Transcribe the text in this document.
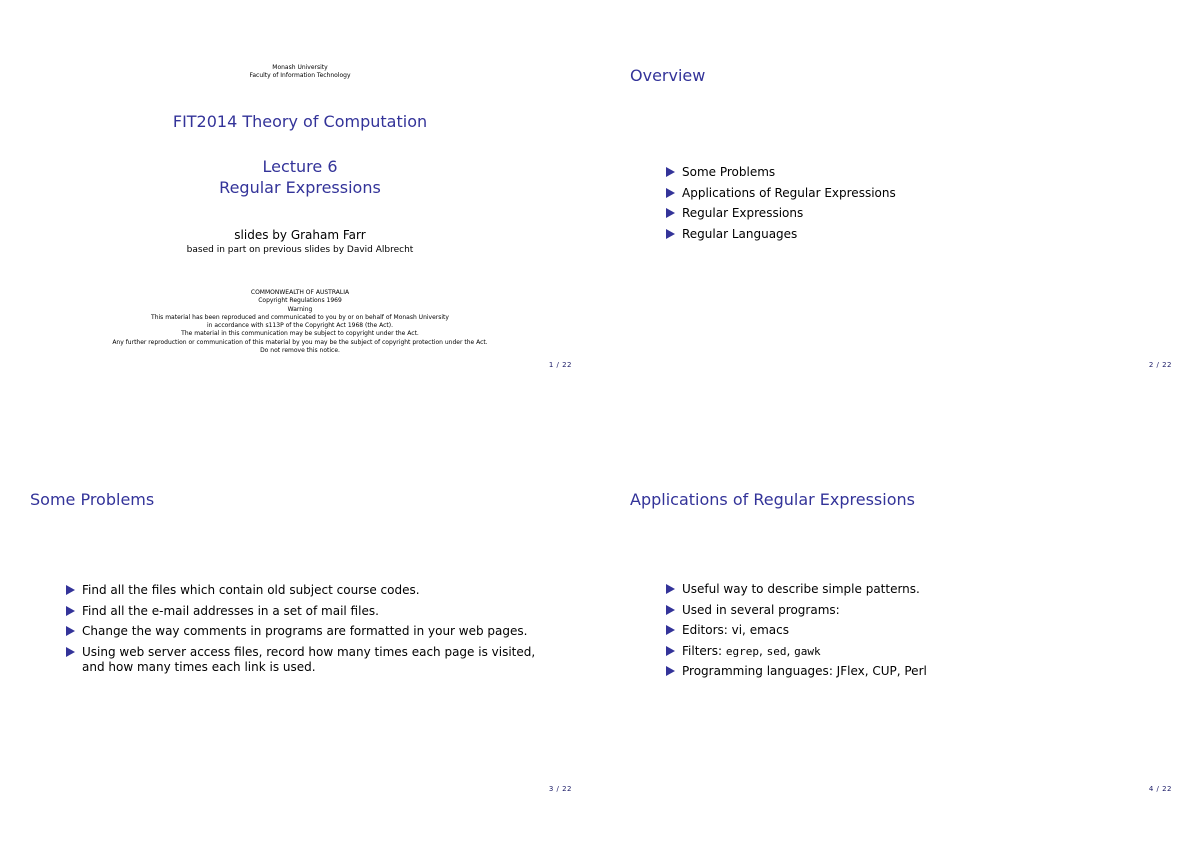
Monash University
Faculty of Information Technology
FIT2014 Theory of Computation
Lecture 6
Regular Expressions
slides by Graham Farr
based in part on previous slides by David Albrecht
COMMONWEALTH OF AUSTRALIA
Copyright Regulations 1969
Warning
This material has been reproduced and communicated to you by or on behalf of Monash University
in accordance with s113P of the Copyright Act 1968 (the Act).
The material in this communication may be subject to copyright under the Act.
Any further reproduction or communication of this material by you may be the subject of copyright protection under the Act.
Do not remove this notice.
1 / 22
Overview
Some Problems
Applications of Regular Expressions
Regular Expressions
Regular Languages
2 / 22
Some Problems
Find all the files which contain old subject course codes.
Find all the e-mail addresses in a set of mail files.
Change the way comments in programs are formatted in your web pages.
Using web server access files, record how many times each page is visited, and how many times each link is used.
3 / 22
Applications of Regular Expressions
Useful way to describe simple patterns.
Used in several programs:
Editors: vi, emacs
Filters: egrep, sed, gawk
Programming languages: JFlex, CUP, Perl
4 / 22
